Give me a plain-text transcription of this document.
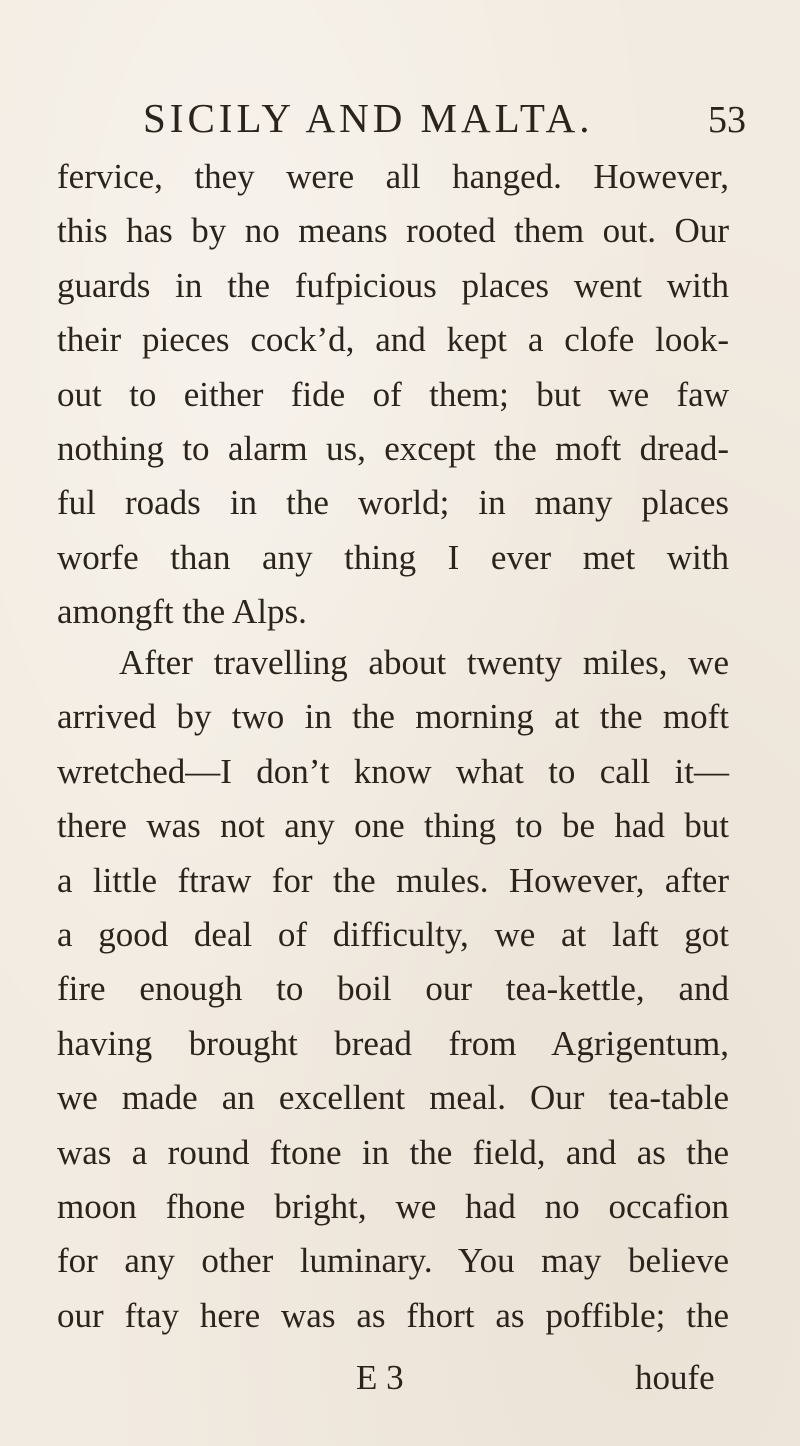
SICILY AND MALTA.	53
fervice, they were all hanged. However,
this has by no means rooted them out. Our
guards in the fufpicious places went with
their pieces cock’d, and kept a clofe look-
out to either fide of them; but we faw
nothing to alarm us, except the moft dread-
ful roads in the world; in many places
worfe than any thing I ever met with
amongft the Alps.
After travelling about twenty miles, we
arrived by two in the morning at the moft
wretched—I don’t know what to call it—
there was not any one thing to be had but
a little ftraw for the mules. However, after
a good deal of difficulty, we at laft got
fire enough to boil our tea-kettle, and
having brought bread from Agrigentum,
we made an excellent meal. Our tea-table
was a round ftone in the field, and as the
moon fhone bright, we had no occafion
for any other luminary. You may believe
our ftay here was as fhort as poffible; the
E 3	houfe
